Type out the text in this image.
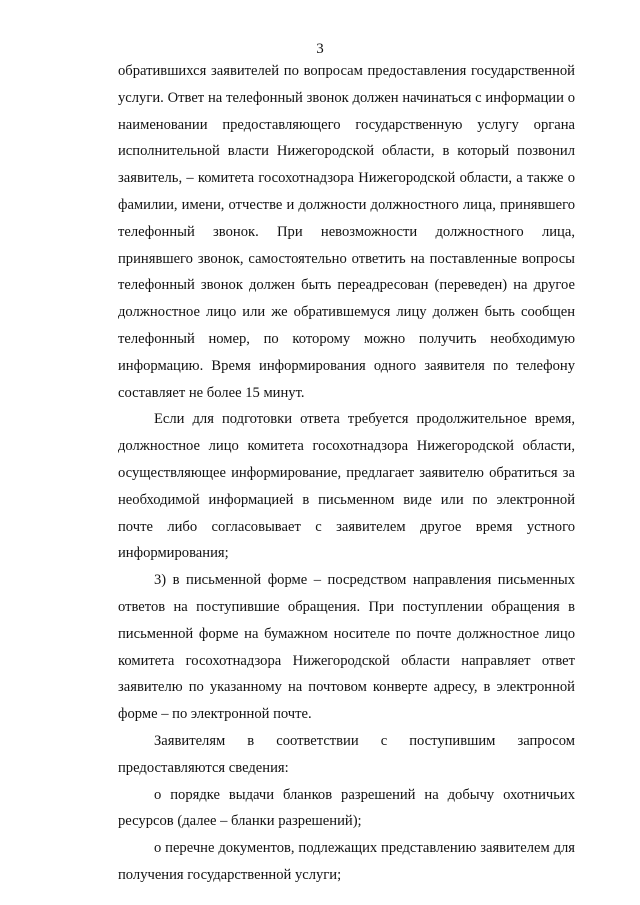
3

обратившихся заявителей по вопросам предоставления государственной услуги. Ответ на телефонный звонок должен начинаться с информации о наименовании предоставляющего государственную услугу органа исполнительной власти Нижегородской области, в который позвонил заявитель, – комитета госохотнадзора Нижегородской области, а также о фамилии, имени, отчестве и должности должностного лица, принявшего телефонный звонок. При невозможности должностного лица, принявшего звонок, самостоятельно ответить на поставленные вопросы телефонный звонок должен быть переадресован (переведен) на другое должностное лицо или же обратившемуся лицу должен быть сообщен телефонный номер, по которому можно получить необходимую информацию. Время информирования одного заявителя по телефону составляет не более 15 минут.

Если для подготовки ответа требуется продолжительное время, должностное лицо комитета госохотнадзора Нижегородской области, осуществляющее информирование, предлагает заявителю обратиться за необходимой информацией в письменном виде или по электронной почте либо согласовывает с заявителем другое время устного информирования;

3) в письменной форме – посредством направления письменных ответов на поступившие обращения. При поступлении обращения в письменной форме на бумажном носителе по почте должностное лицо комитета госохотнадзора Нижегородской области направляет ответ заявителю по указанному на почтовом конверте адресу, в электронной форме – по электронной почте.

Заявителям в соответствии с поступившим запросом предоставляются сведения:

о порядке выдачи бланков разрешений на добычу охотничьих ресурсов (далее – бланки разрешений);

о перечне документов, подлежащих представлению заявителем для получения государственной услуги;
